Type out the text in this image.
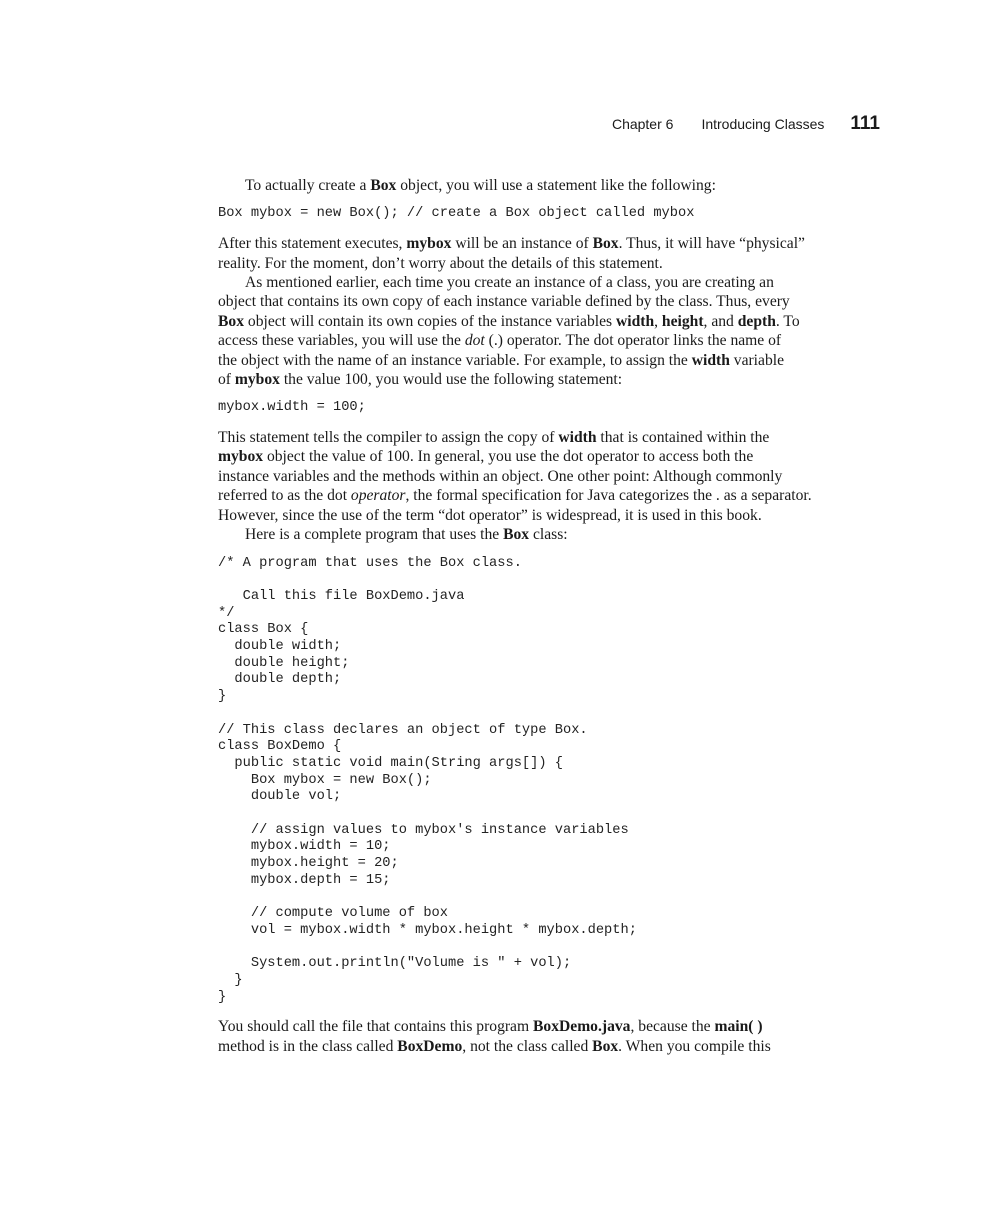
Chapter 6 Introducing Classes 111

To actually create a Box object, you will use a statement like the following:

Box mybox = new Box(); // create a Box object called mybox

After this statement executes, mybox will be an instance of Box. Thus, it will have “physical”
reality. For the moment, don’t worry about the details of this statement.

As mentioned earlier, each time you create an instance of a class, you are creating an
object that contains its own copy of each instance variable defined by the class. Thus, every
Box object will contain its own copies of the instance variables width, height, and depth. To
access these variables, you will use the dot (.) operator. The dot operator links the name of
the object with the name of an instance variable. For example, to assign the width variable
of mybox the value 100, you would use the following statement:

mybox.width = 100;

This statement tells the compiler to assign the copy of width that is contained within the
mybox object the value of 100. In general, you use the dot operator to access both the
instance variables and the methods within an object. One other point: Although commonly
referred to as the dot operator, the formal specification for Java categorizes the . as a separator.
However, since the use of the term “dot operator” is widespread, it is used in this book.

Here is a complete program that uses the Box class:

/* A program that uses the Box class.

Call this file BoxDemo.java
*/
class Box {
double width;
double height;
double depth;
}

// This class declares an object of type Box.
class BoxDemo {
public static void main(String args[]) {
Box mybox = new Box();
double vol;

// assign values to mybox's instance variables
mybox.width = 10;
mybox.height = 20;
mybox.depth = 15;

// compute volume of box
vol = mybox.width * mybox.height * mybox.depth;

System.out.println("Volume is " + vol);
}
}

You should call the file that contains this program BoxDemo.java, because the main( )
method is in the class called BoxDemo, not the class called Box. When you compile this
